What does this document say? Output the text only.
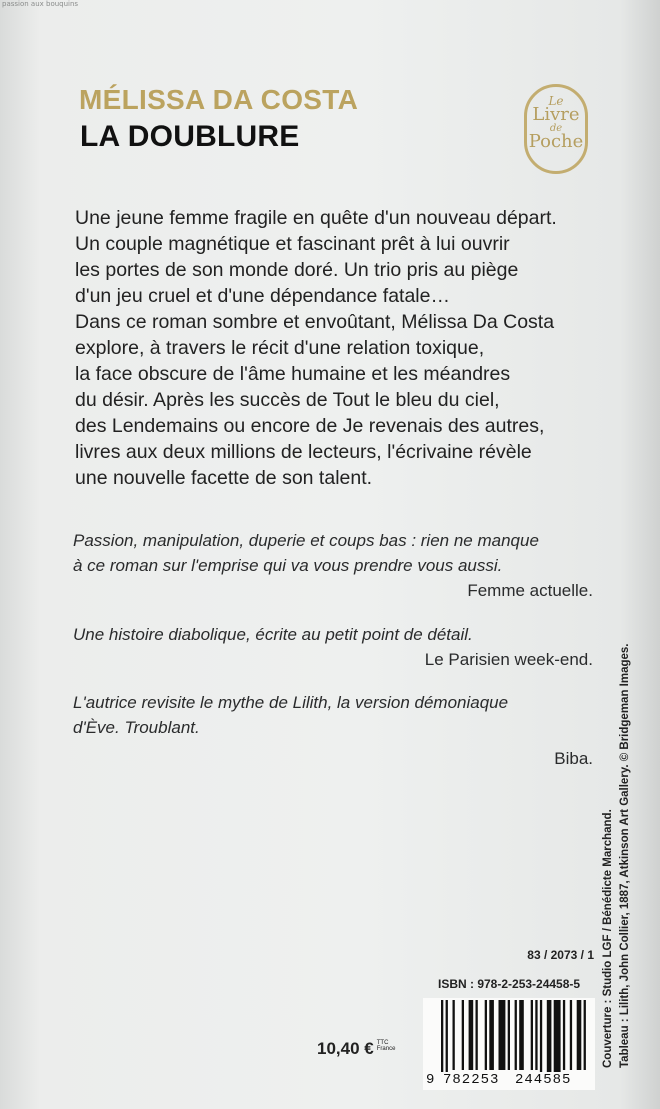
passion aux bouquins
MÉLISSA DA COSTA
LA DOUBLURE
Le
Livre
de
Poche

Une jeune femme fragile en quête d'un nouveau départ.

Un couple magnétique et fascinant prêt à lui ouvrir

les portes de son monde doré. Un trio pris au piège

d'un jeu cruel et d'une dépendance fatale…

Dans ce roman sombre et envoûtant, Mélissa Da Costa

explore, à travers le récit d'une relation toxique,

la face obscure de l'âme humaine et les méandres

du désir. Après les succès de Tout le bleu du ciel,

des Lendemains ou encore de Je revenais des autres,

livres aux deux millions de lecteurs, l'écrivaine révèle

une nouvelle facette de son talent.

Passion, manipulation, duperie et coups bas : rien ne manque

à ce roman sur l'emprise qui va vous prendre vous aussi.

Femme actuelle.

Une histoire diabolique, écrite au petit point de détail.

Le Parisien week-end.

L'autrice revisite le mythe de Lilith, la version démoniaque

d'Ève. Troublant.

Biba.

Couverture : Studio LGF / Bénédicte Marchand. Tableau : Lilith, John Collier, 1887, Atkinson Art Gallery. © Bridgeman Images.

83 / 2073 / 1
ISBN : 978-2-253-24458-5
10,40 € TTC
France
9 782253 244585
